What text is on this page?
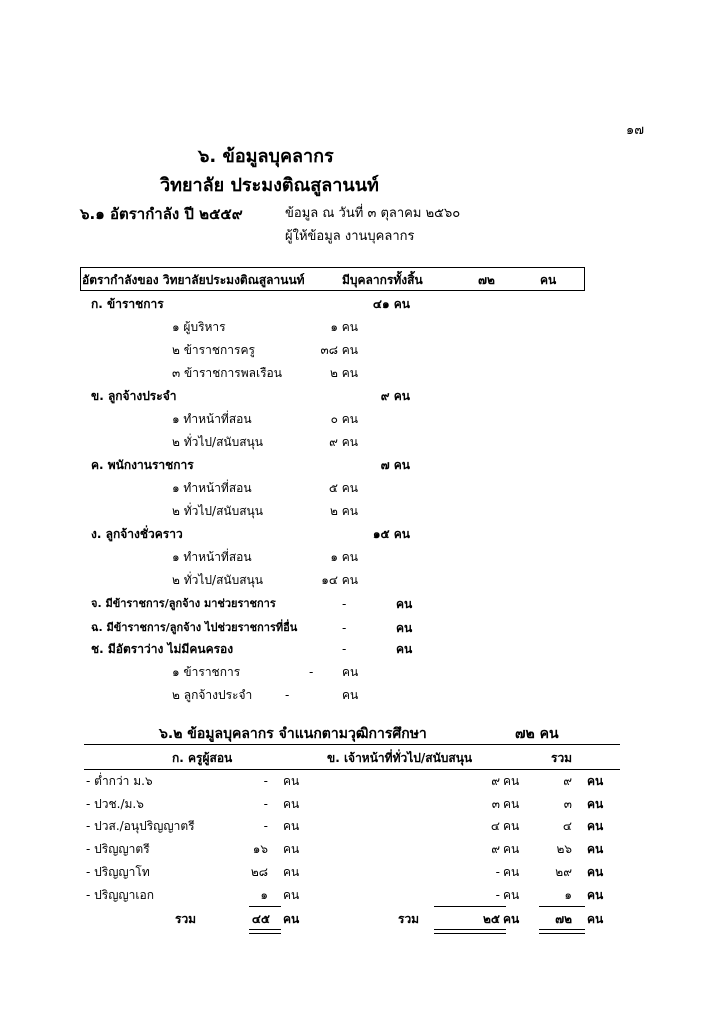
๑๗
๖. ข้อมูลบุคลากร
วิทยาลัย ประมงติณสูลานนท์
๖.๑ อัตรากำลัง ปี ๒๕๕๙	ข้อมูล ณ วันที่ ๓ ตุลาคม ๒๕๖๐
ผู้ให้ข้อมูล งานบุคลากร
อัตรากำลังของ วิทยาลัยประมงติณสูลานนท์	มีบุคลากรทั้งสิ้น	๗๒	คน
ก. ข้าราชการ	๔๑ คน
๑ ผู้บริหาร	๑ คน
๒ ข้าราชการครู	๓๘ คน
๓ ข้าราชการพลเรือน	๒ คน
ข. ลูกจ้างประจำ	๙ คน
๑ ทำหน้าที่สอน	๐ คน
๒ ทั่วไป/สนับสนุน	๙ คน
ค. พนักงานราชการ	๗ คน
๑ ทำหน้าที่สอน	๕ คน
๒ ทั่วไป/สนับสนุน	๒ คน
ง. ลูกจ้างชั่วคราว	๑๕ คน
๑ ทำหน้าที่สอน	๑ คน
๒ ทั่วไป/สนับสนุน	๑๔ คน
จ. มีข้าราชการ/ลูกจ้าง มาช่วยราชการ	-	คน
ฉ. มีข้าราชการ/ลูกจ้าง ไปช่วยราชการที่อื่น	-	คน
ช. มีอัตราว่าง ไม่มีคนครอง	-	คน
๑ ข้าราชการ	- คน
๒ ลูกจ้างประจำ	-	คน
๖.๒ ข้อมูลบุคลากร จำแนกตามวุฒิการศึกษา	๗๒ คน
ก. ครูผู้สอน	ข. เจ้าหน้าที่ทั่วไป/สนับสนุน	รวม
- ต่ำกว่า ม.๖	- คน	๙ คน	๙ คน
- ปวช./ม.๖	- คน	๓ คน	๓ คน
- ปวส./อนุปริญญาตรี	- คน	๔ คน	๔ คน
- ปริญญาตรี	๑๖ คน	๙ คน	๒๖ คน
- ปริญญาโท	๒๘ คน	- คน	๒๙ คน
- ปริญญาเอก	๑ คน	- คน	๑ คน
รวม	๔๕ คน	รวม	๒๕ คน	๗๒ คน
